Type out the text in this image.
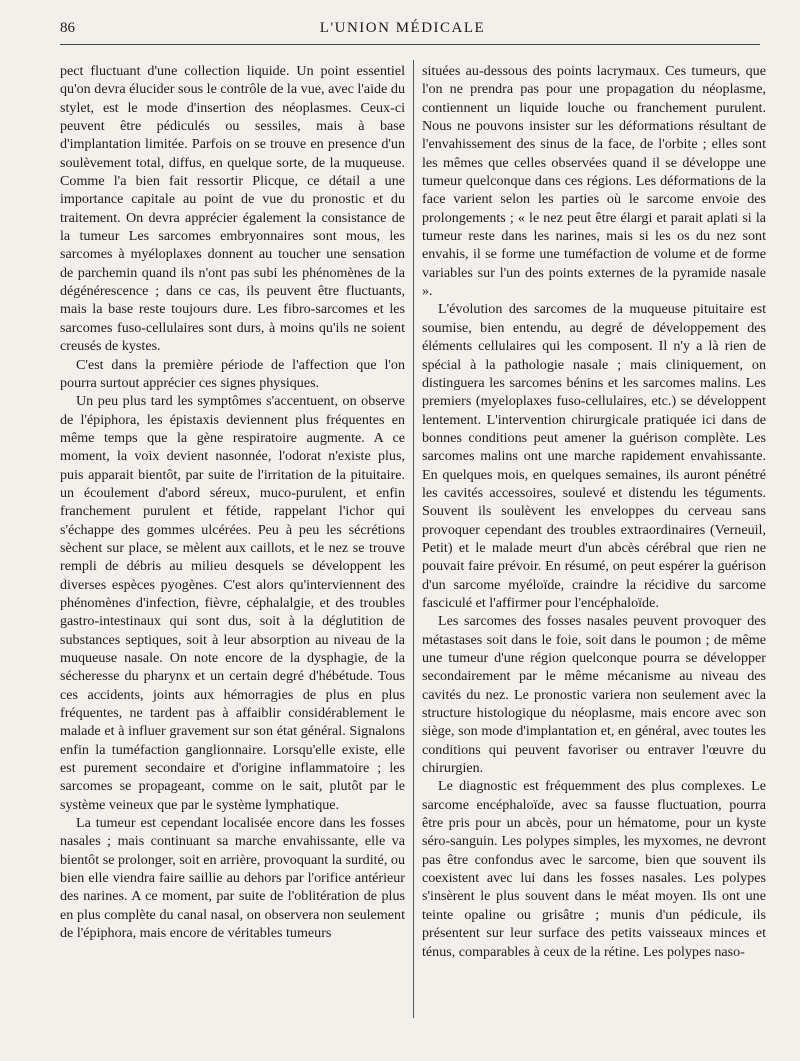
86	L'UNION MÉDICALE

pect fluctuant d'une collection liquide. Un point essentiel qu'on devra élucider sous le contrôle de la vue, avec l'aide du stylet, est le mode d'insertion des néoplasmes. Ceux-ci peuvent être pédiculés ou sessiles, mais à base d'implantation limitée. Parfois on se trouve en presence d'un soulèvement total, diffus, en quelque sorte, de la muqueuse. Comme l'a bien fait ressortir Plicque, ce détail a une importance capitale au point de vue du pronostic et du traitement. On devra apprécier également la consistance de la tumeur Les sarcomes embryonnaires sont mous, les sarcomes à myéloplaxes donnent au toucher une sensation de parchemin quand ils n'ont pas subi les phénomènes de la dégénérescence ; dans ce cas, ils peuvent être fluctuants, mais la base reste toujours dure. Les fibro-sarcomes et les sarcomes fuso-cellulaires sont durs, à moins qu'ils ne soient creusés de kystes.

C'est dans la première période de l'affection que l'on pourra surtout apprécier ces signes physiques.

Un peu plus tard les symptômes s'accentuent, on observe de l'épiphora, les épistaxis deviennent plus fréquentes en même temps que la gène respiratoire augmente. A ce moment, la voix devient nasonnée, l'odorat n'existe plus, puis apparait bientôt, par suite de l'irritation de la pituitaire. un écoulement d'abord séreux, muco-purulent, et enfin franchement purulent et fétide, rappelant l'ichor qui s'échappe des gommes ulcérées. Peu à peu les sécrétions sèchent sur place, se mèlent aux caillots, et le nez se trouve rempli de débris au milieu desquels se développent les diverses espèces pyogènes. C'est alors qu'interviennent des phénomènes d'infection, fièvre, céphalalgie, et des troubles gastro-intestinaux qui sont dus, soit à la déglutition de substances septiques, soit à leur absorption au niveau de la muqueuse nasale. On note encore de la dysphagie, de la sécheresse du pharynx et un certain degré d'hébétude. Tous ces accidents, joints aux hémorragies de plus en plus fréquentes, ne tardent pas à affaiblir considérablement le malade et à influer gravement sur son état général. Signalons enfin la tuméfaction ganglionnaire. Lorsqu'elle existe, elle est purement secondaire et d'origine inflammatoire ; les sarcomes se propageant, comme on le sait, plutôt par le système veineux que par le système lymphatique.

La tumeur est cependant localisée encore dans les fosses nasales ; mais continuant sa marche envahissante, elle va bientôt se prolonger, soit en arrière, provoquant la surdité, ou bien elle viendra faire saillie au dehors par l'orifice antérieur des narines. A ce moment, par suite de l'oblitération de plus en plus complète du canal nasal, on observera non seulement de l'épiphora, mais encore de véritables tumeurs

situées au-dessous des points lacrymaux. Ces tumeurs, que l'on ne prendra pas pour une propagation du néoplasme, contiennent un liquide louche ou franchement purulent. Nous ne pouvons insister sur les déformations résultant de l'envahissement des sinus de la face, de l'orbite ; elles sont les mêmes que celles observées quand il se développe une tumeur quelconque dans ces régions. Les déformations de la face varient selon les parties où le sarcome envoie des prolongements ; « le nez peut être élargi et parait aplati si la tumeur reste dans les narines, mais si les os du nez sont envahis, il se forme une tuméfaction de volume et de forme variables sur l'un des points externes de la pyramide nasale ».

L'évolution des sarcomes de la muqueuse pituitaire est soumise, bien entendu, au degré de développement des éléments cellulaires qui les composent. Il n'y a là rien de spécial à la pathologie nasale ; mais cliniquement, on distinguera les sarcomes bénins et les sarcomes malins. Les premiers (myeloplaxes fuso-cellulaires, etc.) se développent lentement. L'intervention chirurgicale pratiquée ici dans de bonnes conditions peut amener la guérison complète. Les sarcomes malins ont une marche rapidement envahissante. En quelques mois, en quelques semaines, ils auront pénétré les cavités accessoires, soulevé et distendu les téguments. Souvent ils soulèvent les enveloppes du cerveau sans provoquer cependant des troubles extraordinaires (Verneuil, Petit) et le malade meurt d'un abcès cérébral que rien ne pouvait faire prévoir. En résumé, on peut espérer la guérison d'un sarcome myéloïde, craindre la récidive du sarcome fasciculé et l'affirmer pour l'encéphaloïde.

Les sarcomes des fosses nasales peuvent provoquer des métastases soit dans le foie, soit dans le poumon ; de même une tumeur d'une région quelconque pourra se développer secondairement par le même mécanisme au niveau des cavités du nez. Le pronostic variera non seulement avec la structure histologique du néoplasme, mais encore avec son siège, son mode d'implantation et, en général, avec toutes les conditions qui peuvent favoriser ou entraver l'œuvre du chirurgien.

Le diagnostic est fréquemment des plus complexes. Le sarcome encéphaloïde, avec sa fausse fluctuation, pourra être pris pour un abcès, pour un hématome, pour un kyste séro-sanguin. Les polypes simples, les myxomes, ne devront pas être confondus avec le sarcome, bien que souvent ils coexistent avec lui dans les fosses nasales. Les polypes s'insèrent le plus souvent dans le méat moyen. Ils ont une teinte opaline ou grisâtre ; munis d'un pédicule, ils présentent sur leur surface des petits vaisseaux minces et ténus, comparables à ceux de la rétine. Les polypes naso-
